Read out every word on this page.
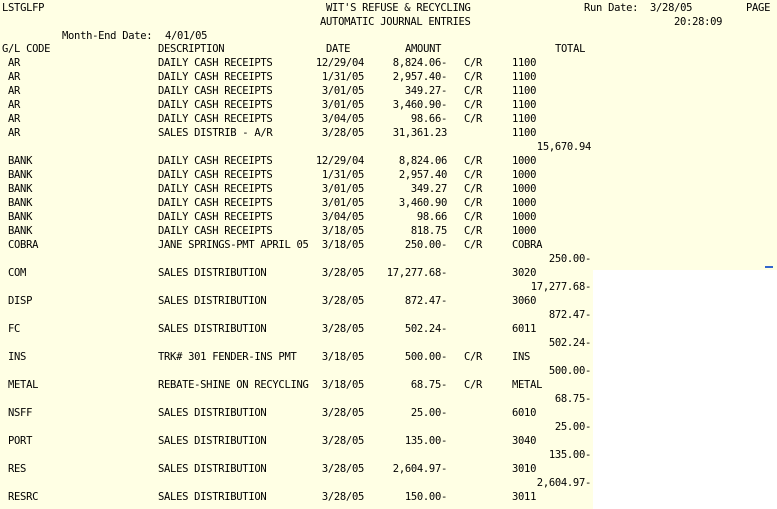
LSTGLFP	WIT'S REFUSE & RECYCLING	Run Date: 3/28/05	PAGE
AUTOMATIC JOURNAL ENTRIES	20:28:09
Month-End Date: 4/01/05
G/L CODE	DESCRIPTION	DATE	AMOUNT	TOTAL
AR	DAILY CASH RECEIPTS	12/29/04	8,824.06- C/R	1100
AR	DAILY CASH RECEIPTS	1/31/05	2,957.40- C/R	1100
AR	DAILY CASH RECEIPTS	3/01/05	349.27- C/R	1100
AR	DAILY CASH RECEIPTS	3/01/05	3,460.90- C/R	1100
AR	DAILY CASH RECEIPTS	3/04/05	98.66- C/R	1100
AR	SALES DISTRIB - A/R	3/28/05	31,361.23	1100
15,670.94
BANK	DAILY CASH RECEIPTS	12/29/04	8,824.06 C/R	1000
BANK	DAILY CASH RECEIPTS	1/31/05	2,957.40 C/R	1000
BANK	DAILY CASH RECEIPTS	3/01/05	349.27 C/R	1000
BANK	DAILY CASH RECEIPTS	3/01/05	3,460.90 C/R	1000
BANK	DAILY CASH RECEIPTS	3/04/05	98.66 C/R	1000
BANK	DAILY CASH RECEIPTS	3/18/05	818.75 C/R	1000
COBRA	JANE SPRINGS-PMT APRIL 05	3/18/05	250.00- C/R	COBRA
250.00-
COM	SALES DISTRIBUTION	3/28/05	17,277.68-	3020
17,277.68-
DISP	SALES DISTRIBUTION	3/28/05	872.47-	3060
872.47-
FC	SALES DISTRIBUTION	3/28/05	502.24-	6011
502.24-
INS	TRK# 301 FENDER-INS PMT	3/18/05	500.00- C/R	INS
500.00-
METAL	REBATE-SHINE ON RECYCLING	3/18/05	68.75- C/R	METAL
68.75-
NSFF	SALES DISTRIBUTION	3/28/05	25.00-	6010
25.00-
PORT	SALES DISTRIBUTION	3/28/05	135.00-	3040
135.00-
RES	SALES DISTRIBUTION	3/28/05	2,604.97-	3010
2,604.97-
RESRC	SALES DISTRIBUTION	3/28/05	150.00-	3011
